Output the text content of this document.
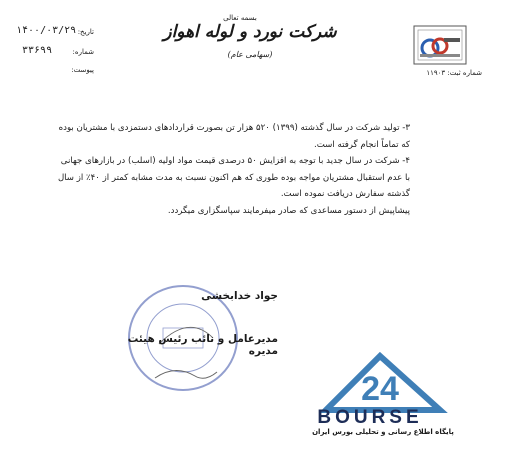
بسمه تعالی
شرکت نورد و لوله اهواز (سهامی عام)
شماره ثبت: ۱۱۹۰۳
تاریخ:
۱۴۰۰/۰۳/۲۹
شماره:
۳۳۶۹۹
پیوست:

۳- تولید شرکت در سال گذشته (۱۳۹۹) ۵۲۰ هزار تن بصورت قراردادهای دستمزدی با مشتریان بوده که تماماً انجام گرفته است.

۴- شرکت در سال جدید با توجه به افزایش ۵۰ درصدی قیمت مواد اولیه (اسلب) در بازارهای جهانی با عدم استقبال مشتریان مواجه بوده طوری که هم اکنون نسبت به مدت مشابه کمتر از ۴۰٪ از سال گذشته سفارش دریافت نموده است.

پیشاپیش از دستور مساعدی که صادر میفرمایند سپاسگزاری میگردد.

جواد خدابخشی
مدیرعامل و نائب رئیس هیئت مدیره
24
BOURSE
پایگاه اطلاع رسانی و تحلیلی بورس ایران
